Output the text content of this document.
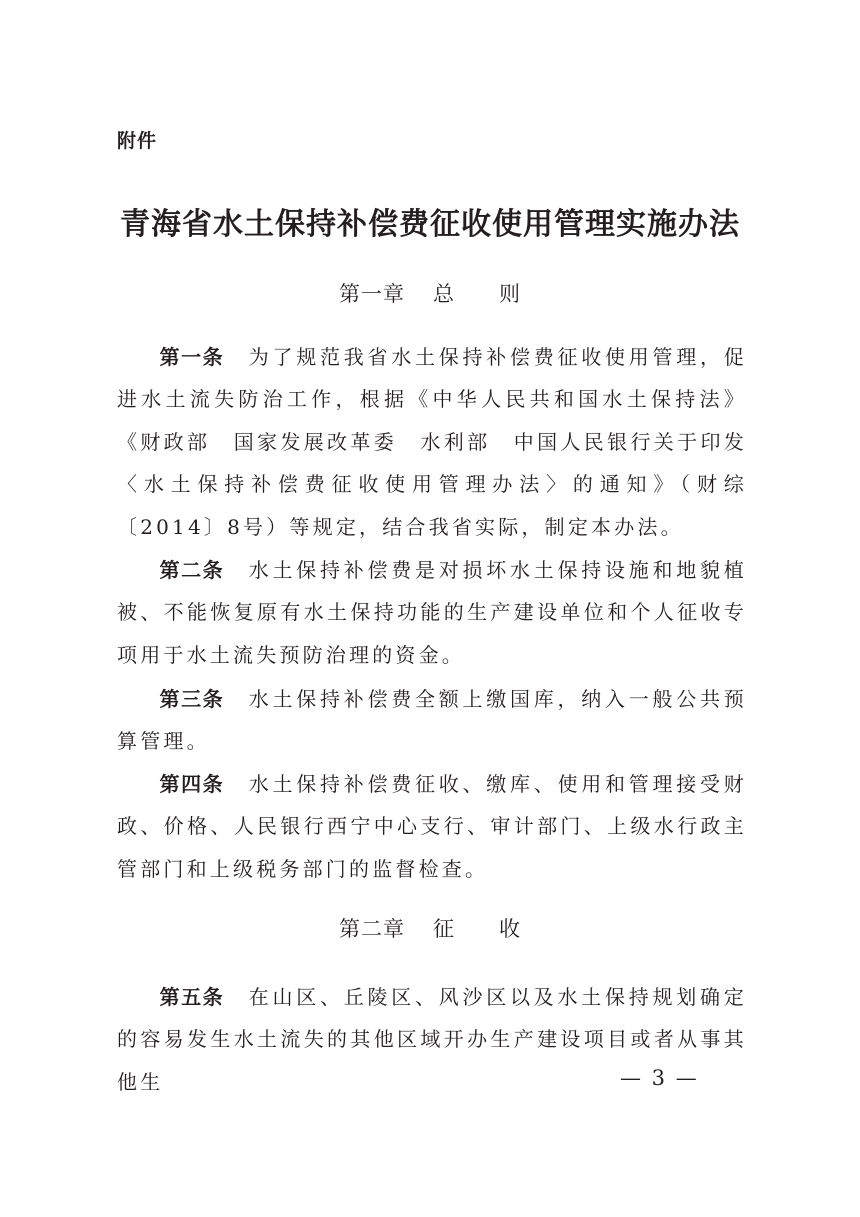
附件
青海省水土保持补偿费征收使用管理实施办法
第一章 总　　则
第一条 为了规范我省水土保持补偿费征收使用管理，促进水土流失防治工作，根据《中华人民共和国水土保持法》《财政部　国家发展改革委　水利部　中国人民银行关于印发〈水土保持补偿费征收使用管理办法〉的通知》（财综〔2014〕8号）等规定，结合我省实际，制定本办法。
第二条 水土保持补偿费是对损坏水土保持设施和地貌植被、不能恢复原有水土保持功能的生产建设单位和个人征收专项用于水土流失预防治理的资金。
第三条 水土保持补偿费全额上缴国库，纳入一般公共预算管理。
第四条 水土保持补偿费征收、缴库、使用和管理接受财政、价格、人民银行西宁中心支行、审计部门、上级水行政主管部门和上级税务部门的监督检查。
第二章 征　　收
第五条 在山区、丘陵区、风沙区以及水土保持规划确定的容易发生水土流失的其他区域开办生产建设项目或者从事其他生	— 3 —
